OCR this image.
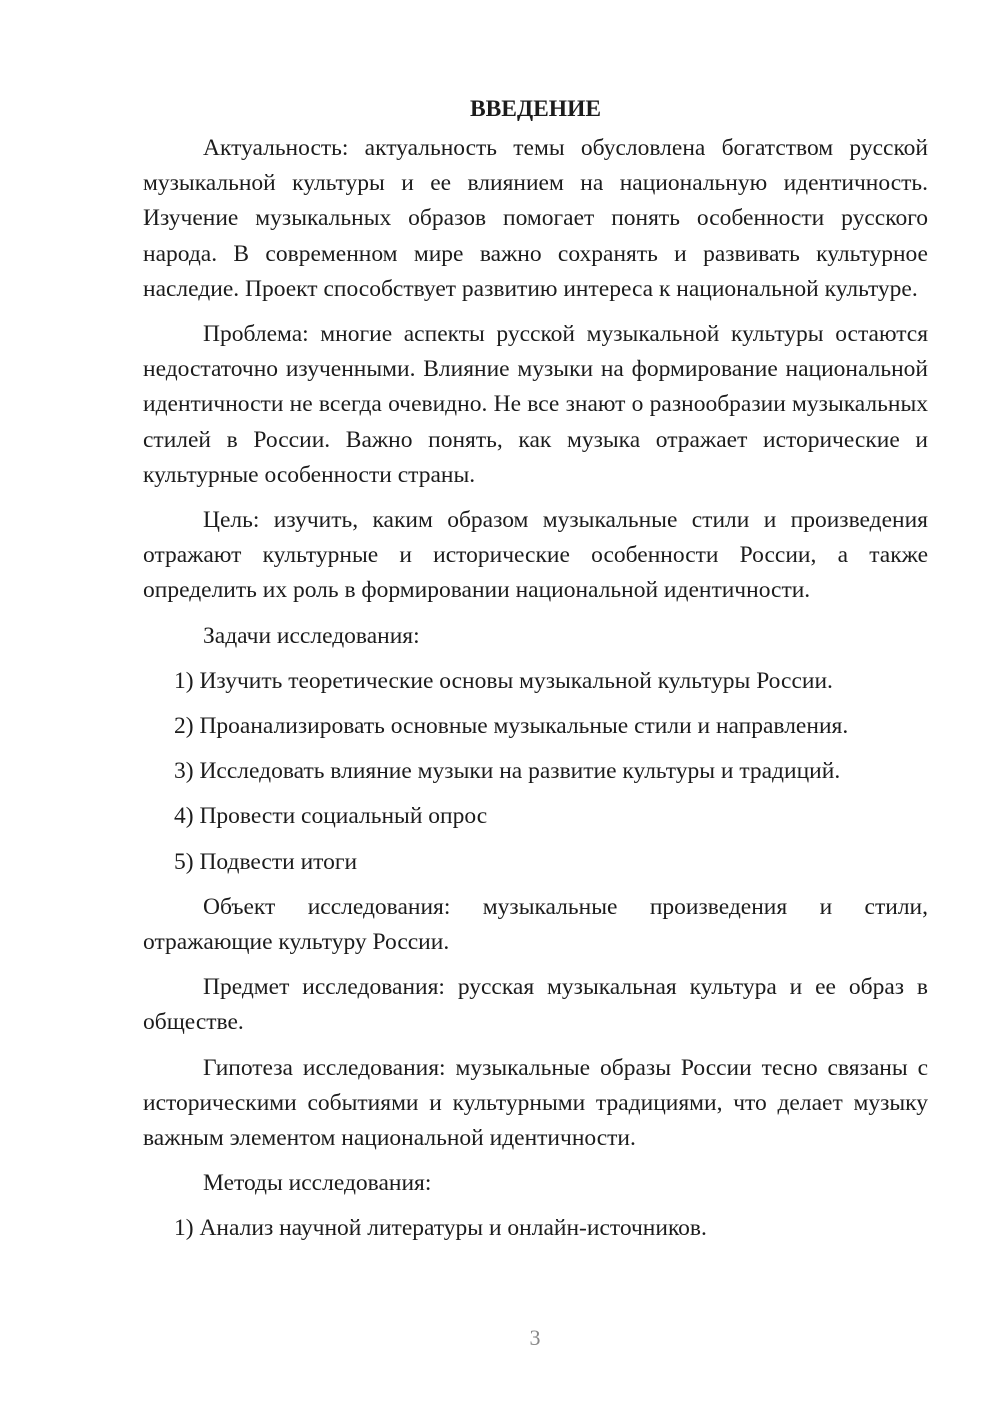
ВВЕДЕНИЕ

Актуальность: актуальность темы обусловлена богатством русской музыкальной культуры и ее влиянием на национальную идентичность. Изучение музыкальных образов помогает понять особенности русского народа. В современном мире важно сохранять и развивать культурное наследие. Проект способствует развитию интереса к национальной культуре.

Проблема: многие аспекты русской музыкальной культуры остаются недостаточно изученными. Влияние музыки на формирование национальной идентичности не всегда очевидно. Не все знают о разнообразии музыкальных стилей в России. Важно понять, как музыка отражает исторические и культурные особенности страны.

Цель: изучить, каким образом музыкальные стили и произведения отражают культурные и исторические особенности России, а также определить их роль в формировании национальной идентичности.

Задачи исследования:

1) Изучить теоретические основы музыкальной культуры России.

2) Проанализировать основные музыкальные стили и направления.

3) Исследовать влияние музыки на развитие культуры и традиций.

4) Провести социальный опрос

5) Подвести итоги

Объект исследования: музыкальные произведения и стили, отражающие культуру России.

Предмет исследования: русская музыкальная культура и ее образ в обществе.

Гипотеза исследования: музыкальные образы России тесно связаны с историческими событиями и культурными традициями, что делает музыку важным элементом национальной идентичности.

Методы исследования:

1) Анализ научной литературы и онлайн-источников.

3
